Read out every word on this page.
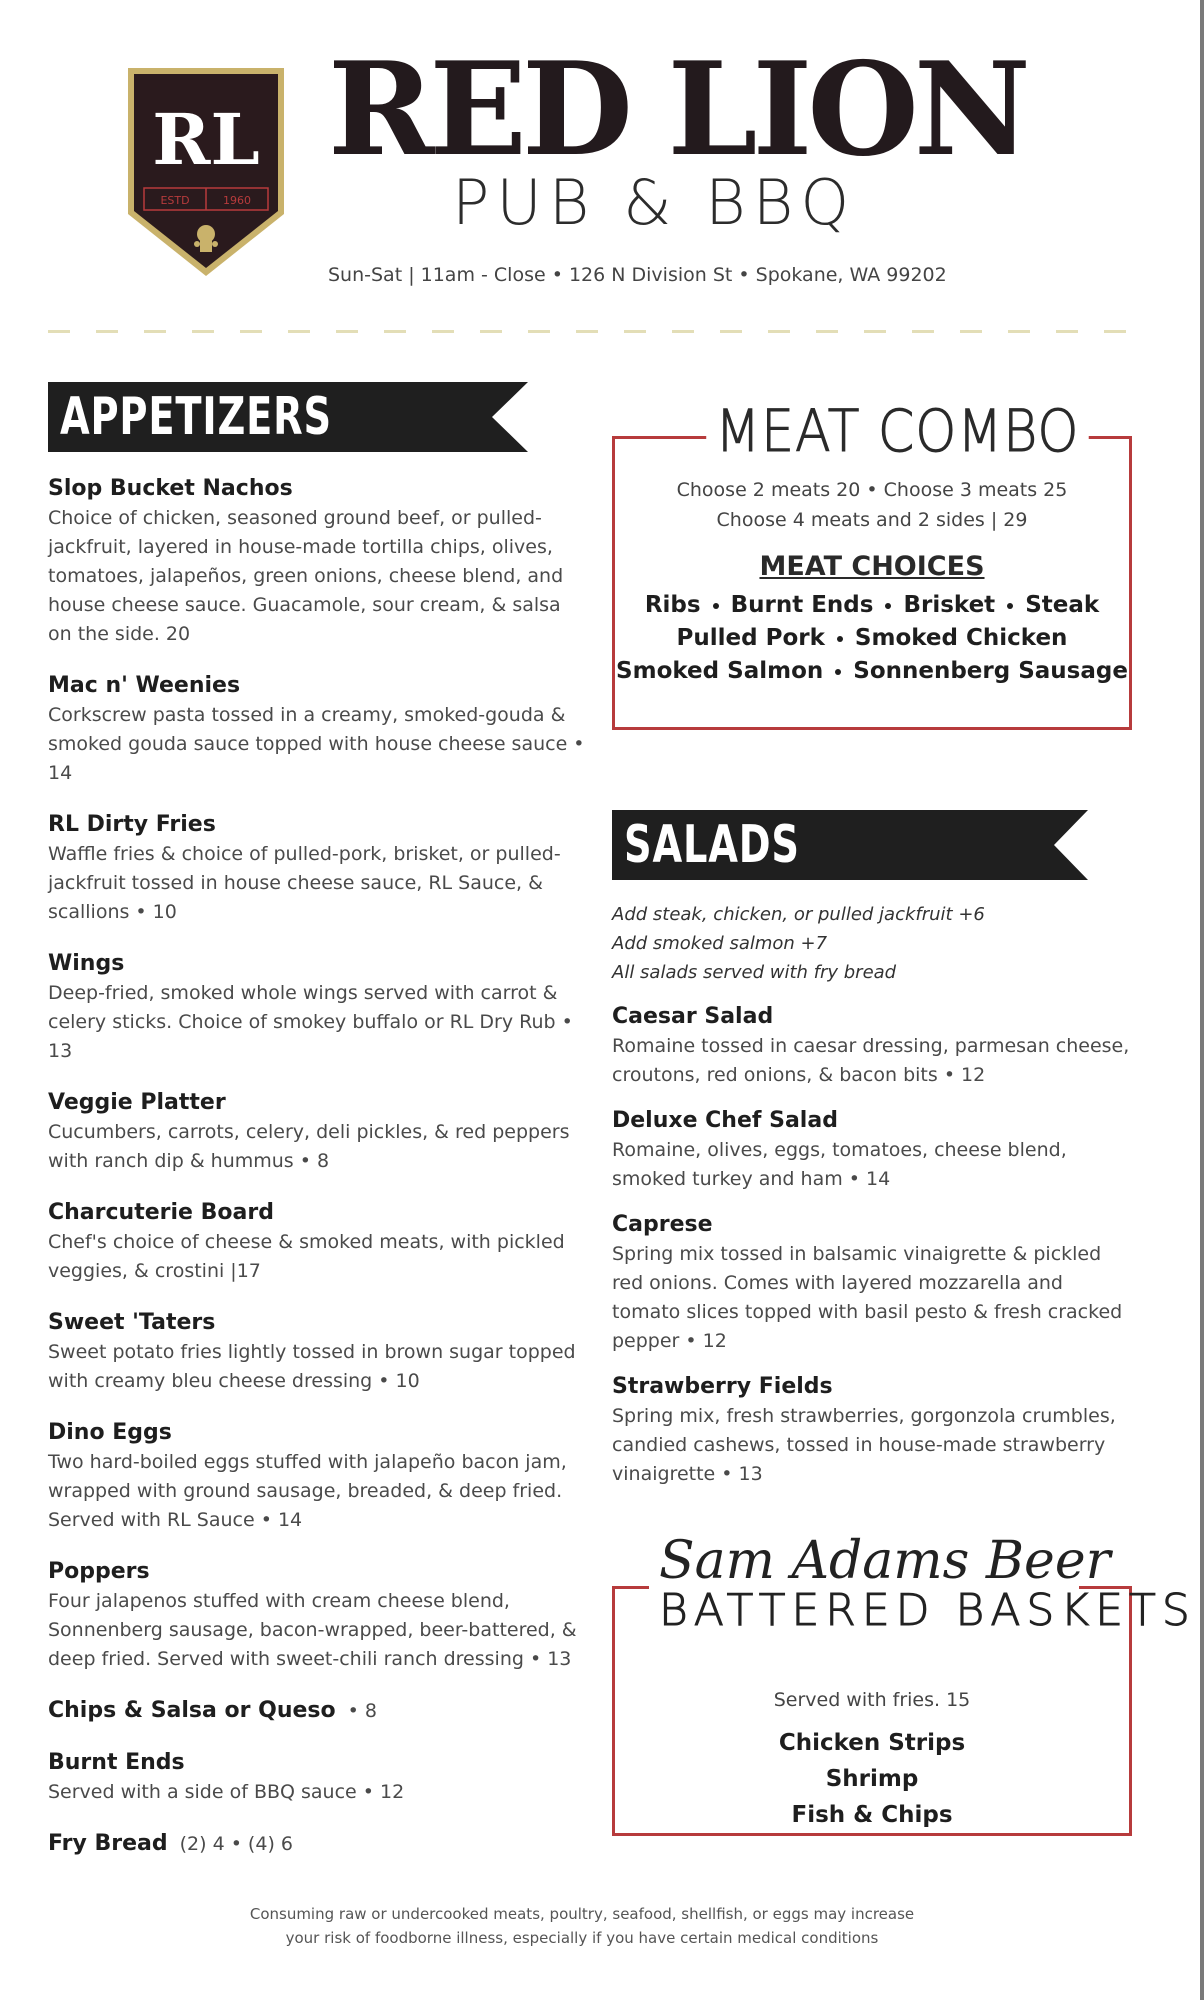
RL
ESTD	1960
RED LION
PUB & BBQ
Sun-Sat | 11am - Close • 126 N Division St • Spokane, WA 99202
APPETIZERS
Slop Bucket Nachos
Choice of chicken, seasoned ground beef, or pulled-jackfruit, layered in house-made tortilla chips, olives, tomatoes, jalapeños, green onions, cheese blend, and house cheese sauce. Guacamole, sour cream, & salsa on the side. 20
Mac n' Weenies
Corkscrew pasta tossed in a creamy, smoked-gouda & smoked gouda sauce topped with house cheese sauce • 14
RL Dirty Fries
Waffle fries & choice of pulled-pork, brisket, or pulled-jackfruit tossed in house cheese sauce, RL Sauce, & scallions • 10
Wings
Deep-fried, smoked whole wings served with carrot & celery sticks. Choice of smokey buffalo or RL Dry Rub • 13
Veggie Platter
Cucumbers, carrots, celery, deli pickles, & red peppers with ranch dip & hummus • 8
Charcuterie Board
Chef's choice of cheese & smoked meats, with pickled veggies, & crostini |17
Sweet 'Taters
Sweet potato fries lightly tossed in brown sugar topped with creamy bleu cheese dressing • 10
Dino Eggs
Two hard-boiled eggs stuffed with jalapeño bacon jam, wrapped with ground sausage, breaded, & deep fried. Served with RL Sauce • 14
Poppers
Four jalapenos stuffed with cream cheese blend, Sonnenberg sausage, bacon-wrapped, beer-battered, & deep fried. Served with sweet-chili ranch dressing • 13
Chips & Salsa or Queso • 8
Burnt Ends
Served with a side of BBQ sauce • 12
Fry Bread (2) 4 • (4) 6
MEAT COMBO
Choose 2 meats 20 • Choose 3 meats 25
Choose 4 meats and 2 sides | 29
MEAT CHOICES
Ribs Burnt Ends Brisket Steak
Pulled Pork Smoked Chicken
Smoked Salmon Sonnenberg Sausage
SALADS
Add steak, chicken, or pulled jackfruit +6
Add smoked salmon +7
All salads served with fry bread
Caesar Salad
Romaine tossed in caesar dressing, parmesan cheese, croutons, red onions, & bacon bits • 12
Deluxe Chef Salad
Romaine, olives, eggs, tomatoes, cheese blend, smoked turkey and ham • 14
Caprese
Spring mix tossed in balsamic vinaigrette & pickled red onions. Comes with layered mozzarella and tomato slices topped with basil pesto & fresh cracked pepper • 12
Strawberry Fields
Spring mix, fresh strawberries, gorgonzola crumbles, candied cashews, tossed in house-made strawberry vinaigrette • 13
Sam Adams Beer
BATTERED BASKETS
Served with fries. 15
Chicken Strips
Shrimp
Fish & Chips
Consuming raw or undercooked meats, poultry, seafood, shellfish, or eggs may increase
your risk of foodborne illness, especially if you have certain medical conditions
